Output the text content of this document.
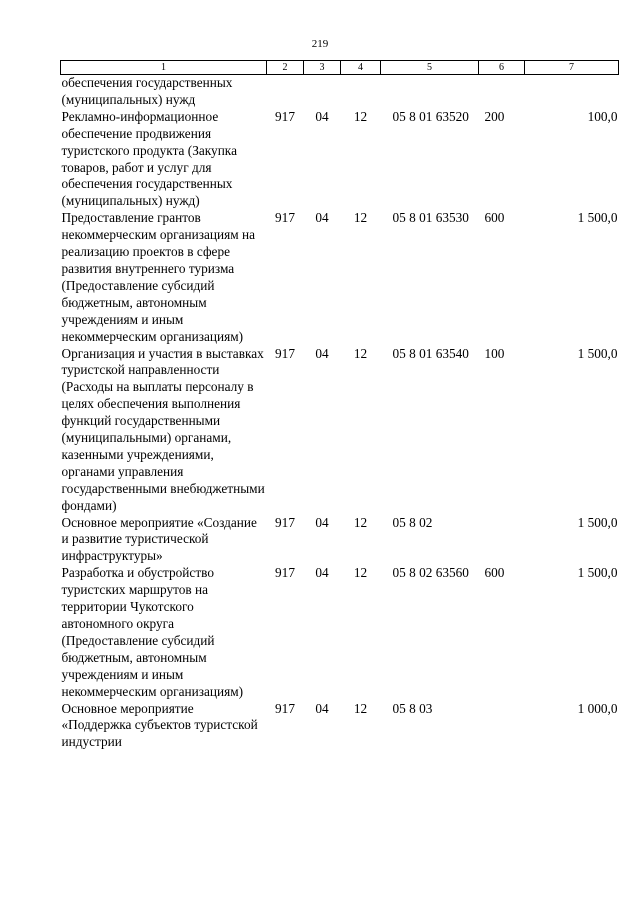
219
1	2	3	4	5	6	7
обеспечения государственных (муниципальных) нужд						
Рекламно-информационное обеспечение продвижения туристского продукта (Закупка товаров, работ и услуг для обеспечения государственных (муниципальных) нужд)	917	04	12	05 8 01 63520	200	100,0
Предоставление грантов некоммерческим организациям на реализацию проектов в сфере развития внутреннего туризма (Предоставление субсидий бюджетным, автономным учреждениям и иным некоммерческим организациям)	917	04	12	05 8 01 63530	600	1 500,0
Организация и участия в выставках туристской направленности (Расходы на выплаты персоналу в целях обеспечения выполнения функций государственными (муниципальными) органами, казенными учреждениями, органами управления государственными внебюджетными фондами)	917	04	12	05 8 01 63540	100	1 500,0
Основное мероприятие «Создание и развитие туристической инфраструктуры»	917	04	12	05 8 02		1 500,0
Разработка и обустройство туристских маршрутов на территории Чукотского автономного округа (Предоставление субсидий бюджетным, автономным учреждениям и иным некоммерческим организациям)	917	04	12	05 8 02 63560	600	1 500,0
Основное мероприятие «Поддержка субъектов туристской индустрии	917	04	12	05 8 03		1 000,0
